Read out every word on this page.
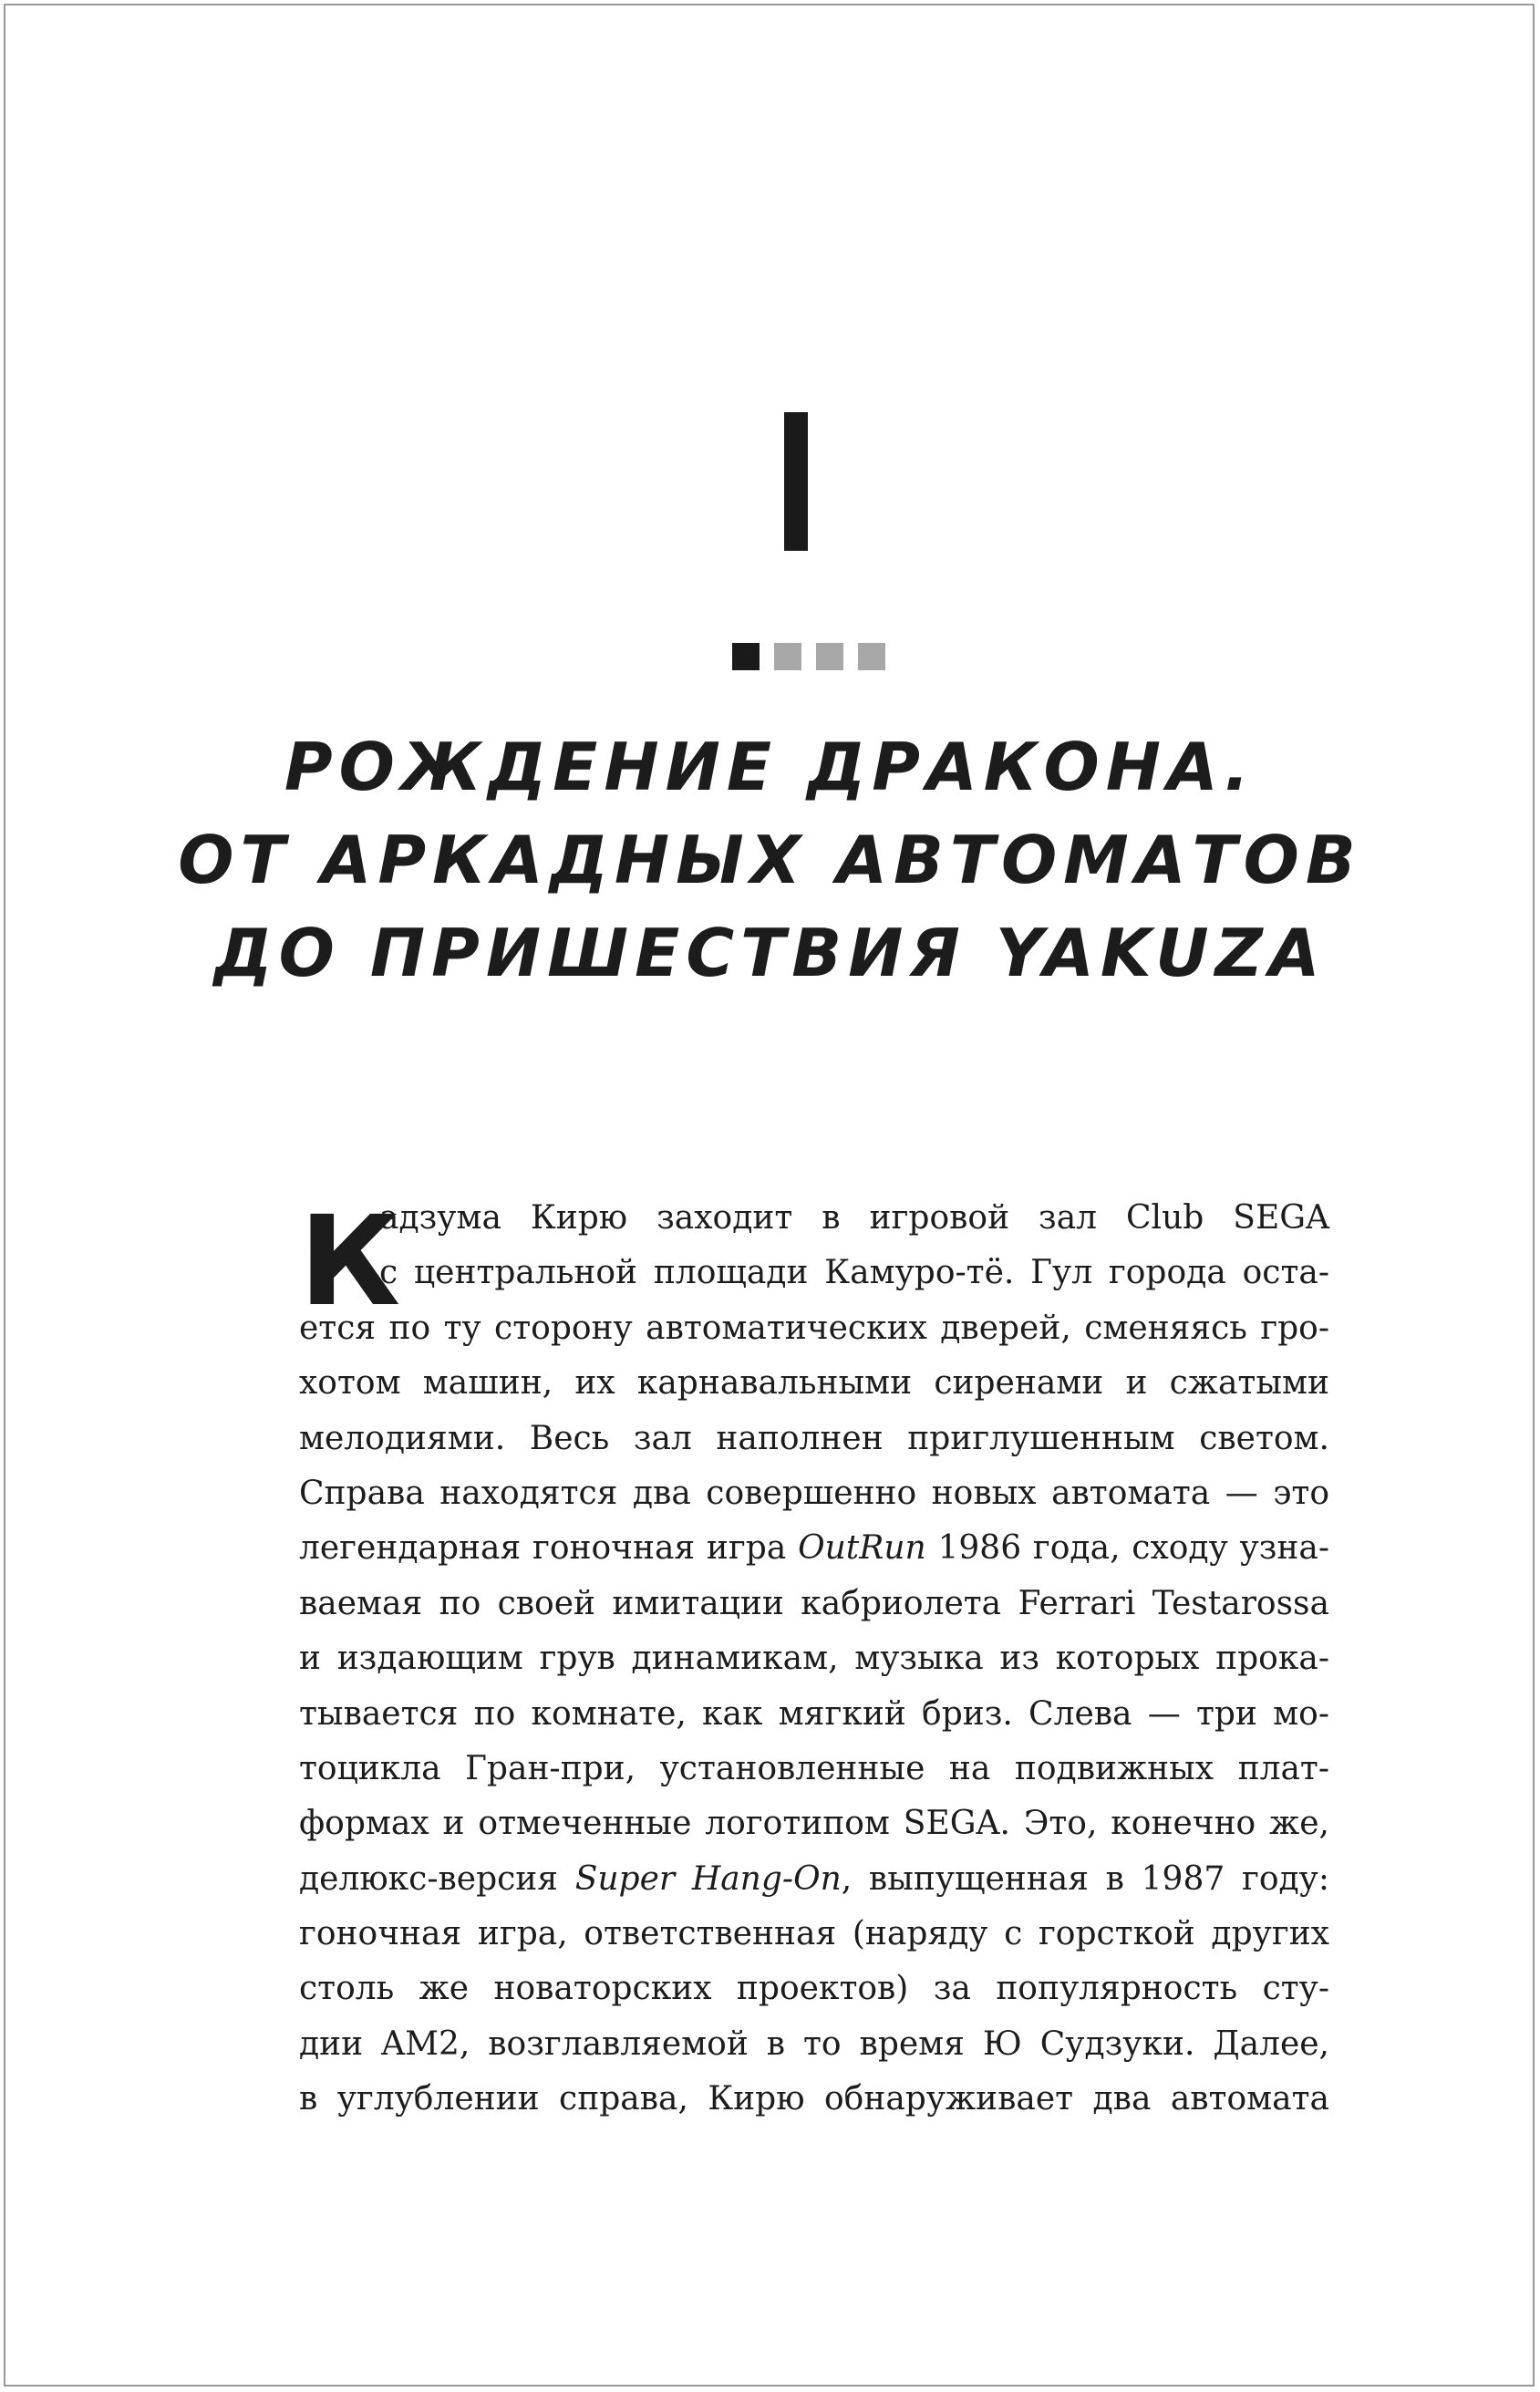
РОЖДЕНИЕ ДРАКОНА.
ОТ АРКАДНЫХ АВТОМАТОВ
ДО ПРИШЕСТВИЯ YAKUZA
К
адзума Кирю заходит в игровой зал Club SEGA
с центральной площади Камуро-тё. Гул города оста-
ется по ту сторону автоматических дверей, сменяясь гро-
хотом машин, их карнавальными сиренами и сжатыми
мелодиями. Весь зал наполнен приглушенным светом.
Справа находятся два совершенно новых автомата — это
легендарная гоночная игра OutRun 1986 года, сходу узна-
ваемая по своей имитации кабриолета Ferrari Testarossa
и издающим грув динамикам, музыка из которых прока-
тывается по комнате, как мягкий бриз. Слева — три мо-
тоцикла Гран-при, установленные на подвижных плат-
формах и отмеченные логотипом SEGA. Это, конечно же,
делюкс-версия Super Hang-On, выпущенная в 1987 году:
гоночная игра, ответственная (наряду с горсткой других
столь же новаторских проектов) за популярность сту-
дии AM2, возглавляемой в то время Ю Судзуки. Далее,
в углублении справа, Кирю обнаруживает два автомата
